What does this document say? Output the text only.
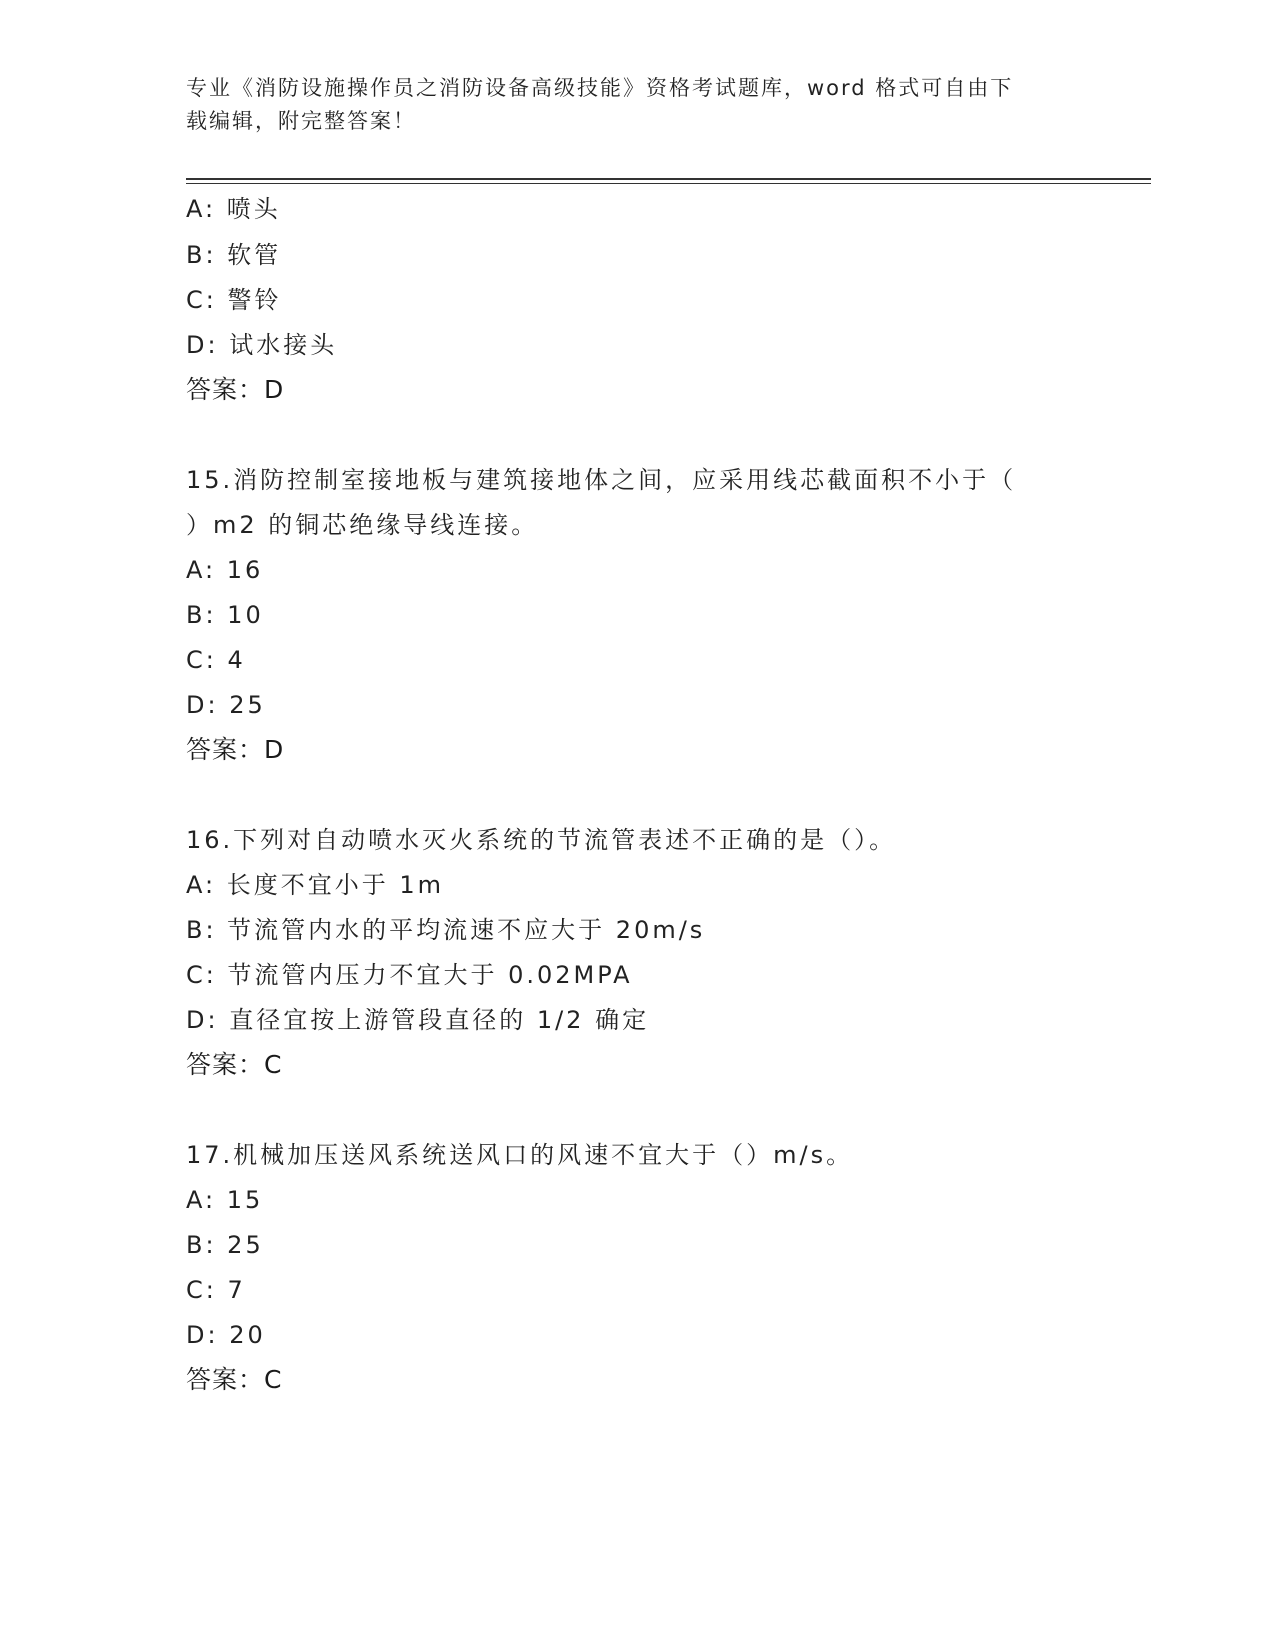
专业《消防设施操作员之消防设备高级技能》资格考试题库，word 格式可自由下
载编辑，附完整答案！
A: 喷头
B: 软管
C: 警铃
D: 试水接头
答案：D
15.消防控制室接地板与建筑接地体之间，应采用线芯截面积不小于（
）m2 的铜芯绝缘导线连接。
A: 16
B: 10
C: 4
D: 25
答案：D
16.下列对自动喷水灭火系统的节流管表述不正确的是（）。
A: 长度不宜小于 1m
B: 节流管内水的平均流速不应大于 20m/s
C: 节流管内压力不宜大于 0.02MPA
D: 直径宜按上游管段直径的 1/2 确定
答案：C
17.机械加压送风系统送风口的风速不宜大于（）m/s。
A: 15
B: 25
C: 7
D: 20
答案：C
